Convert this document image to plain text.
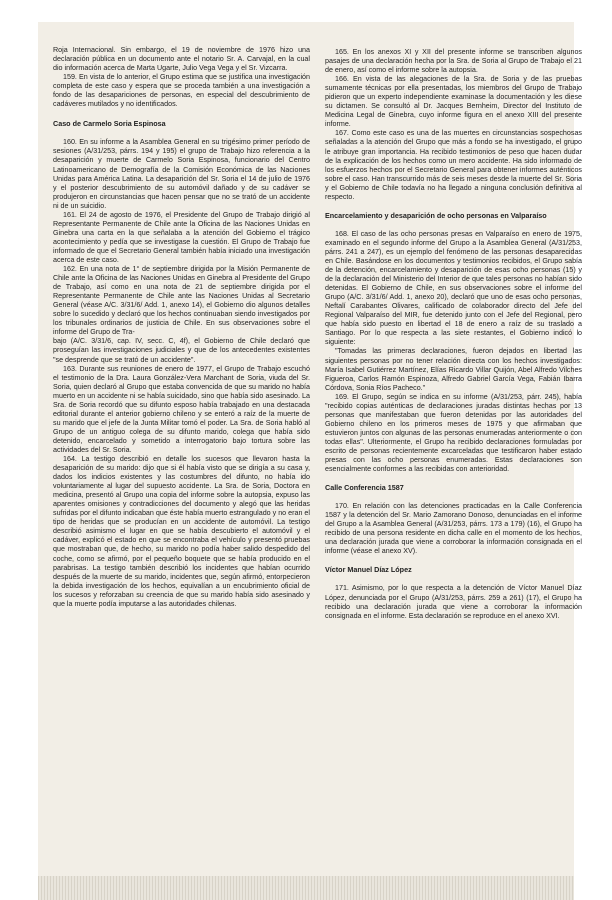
Roja Internacional. Sin embargo, el 19 de noviembre de 1976 hizo una declaración pública en un documento ante el notario Sr. A. Carvajal, en la cual dio información acerca de Marta Ugarte, Julio Vega Vega y el Sr. Vizcarra.

159. En vista de lo anterior, el Grupo estima que se justifica una investigación completa de este caso y espera que se proceda también a una investigación a fondo de las desapariciones de personas, en especial del descubrimiento de cadáveres mutilados y no identificados.

Caso de Carmelo Soria Espinosa

160. En su informe a la Asamblea General en su trigésimo primer período de sesiones (A/31/253, párrs. 194 y 195) el grupo de Trabajo hizo referencia a la desaparición y muerte de Carmelo Soria Espinosa, funcionario del Centro Latinoamericano de Demografía de la Comisión Económica de las Naciones Unidas para América Latina. La desaparición del Sr. Soria el 14 de julio de 1976 y el posterior descubrimiento de su automóvil dañado y de su cadáver se produjeron en circunstancias que hacen pensar que no se trató de un accidente ni de un suicidio.

161. El 24 de agosto de 1976, el Presidente del Grupo de Trabajo dirigió al Representante Permanente de Chile ante la Oficina de las Naciones Unidas en Ginebra una carta en la que señalaba a la atención del Gobierno el trágico acontecimiento y pedía que se investigase la cuestión. El Grupo de Trabajo fue informado de que el Secretario General también había iniciado una investigación acerca de este caso.

162. En una nota de 1° de septiembre dirigida por la Misión Permanente de Chile ante la Oficina de las Naciones Unidas en Ginebra al Presidente del Grupo de Trabajo, así como en una nota de 21 de septiembre dirigida por el Representante Permanente de Chile ante las Naciones Unidas al Secretario General (véase A/C. 3/31/6/ Add. 1, anexo 14), el Gobierno dio algunos detalles sobre lo sucedido y declaró que los hechos continuaban siendo investigados por los tribunales ordinarios de justicia de Chile. En sus observaciones sobre el informe del Grupo de Tra-

bajo (A/C. 3/31/6, cap. IV, secc. C, 4f), el Gobierno de Chile declaró que proseguían las investigaciones judiciales y que de los antecedentes existentes "se desprende que se trató de un accidente".

163. Durante sus reuniones de enero de 1977, el Grupo de Trabajo escuchó el testimonio de la Dra. Laura González-Vera Marchant de Soria, viuda del Sr. Soria, quien declaró al Grupo que estaba convencida de que su marido no había muerto en un accidente ni se había suicidado, sino que había sido asesinado. La Sra. de Soria recordó que su difunto esposo había trabajado en una destacada editorial durante el anterior gobierno chileno y se enteró a raíz de la muerte de su marido que el jefe de la Junta Militar tomó el poder. La Sra. de Soria habló al Grupo de un antiguo colega de su difunto marido, colega que había sido detenido, encarcelado y sometido a interrogatorio bajo tortura sobre las actividades del Sr. Soria.

164. La testigo describió en detalle los sucesos que llevaron hasta la desaparición de su marido: dijo que si él había visto que se dirigía a su casa y, dados los indicios existentes y las costumbres del difunto, no había ido voluntariamente al lugar del supuesto accidente. La Sra. de Soria, Doctora en medicina, presentó al Grupo una copia del informe sobre la autopsia, expuso las aparentes omisiones y contradicciones del documento y alegó que las heridas sufridas por el difunto indicaban que éste había muerto estrangulado y no eran el tipo de heridas que se producían en un accidente de automóvil. La testigo describió asimismo el lugar en que se había descubierto el automóvil y el cadáver, explicó el estado en que se encontraba el vehículo y presentó pruebas que mostraban que, de hecho, su marido no podía haber salido despedido del coche, como se afirmó, por el pequeño boquete que se había producido en el parabrisas. La testigo también describió los incidentes que habían ocurrido después de la muerte de su marido, incidentes que, según afirmó, entorpecieron la debida investigación de los hechos, equivalían a un encubrimiento oficial de los sucesos y reforzaban su creencia de que su marido había sido asesinado y que la muerte podía imputarse a las autoridades chilenas.

165. En los anexos XI y XII del presente informe se transcriben algunos pasajes de una declaración hecha por la Sra. de Soria al Grupo de Trabajo el 21 de enero, así como el informe sobre la autopsia.

166. En vista de las alegaciones de la Sra. de Soria y de las pruebas sumamente técnicas por ella presentadas, los miembros del Grupo de Trabajo pidieron que un experto independiente examinase la documentación y les diese su dictamen. Se consultó al Dr. Jacques Bernheim, Director del Instituto de Medicina Legal de Ginebra, cuyo informe figura en el anexo XIII del presente informe.

167. Como este caso es una de las muertes en circunstancias sospechosas señaladas a la atención del Grupo que más a fondo se ha investigado, el grupo le atribuye gran importancia. Ha recibido testimonios de peso que hacen dudar de la explicación de los hechos como un mero accidente. Ha sido informado de los esfuerzos hechos por el Secretario General para obtener informes auténticos sobre el caso. Han transcurrido más de seis meses desde la muerte del Sr. Soria y el Gobierno de Chile todavía no ha llegado a ninguna conclusión definitiva al respecto.

Encarcelamiento y desaparición de ocho personas en Valparaíso

168. El caso de las ocho personas presas en Valparaíso en enero de 1975, examinado en el segundo informe del Grupo a la Asamblea General (A/31/253, párrs. 241 a 247), es un ejemplo del fenómeno de las personas desaparecidas en Chile. Basándose en los documentos y testimonios recibidos, el Grupo sabía de la detención, encarcelamiento y desaparición de esas ocho personas (15) y de la declaración del Ministerio del Interior de que tales personas no habían sido detenidas. El Gobierno de Chile, en sus observaciones sobre el informe del Grupo (A/C. 3/31/6/ Add. 1, anexo 20), declaró que uno de esas ocho personas, Neftalí Carabantes Olivares, calificado de colaborador directo del Jefe del Regional Valparaíso del MIR, fue detenido junto con el Jefe del Regional, pero que había sido puesto en libertad el 18 de enero a raíz de su traslado a Santiago. Por lo que respecta a las siete restantes, el Gobierno indicó lo siguiente:

"Tomadas las primeras declaraciones, fueron dejados en libertad las siguientes personas por no tener relación directa con los hechos investigados: María Isabel Gutiérrez Martínez, Elías Ricardo Villar Quijón, Abel Alfredo Vilches Figueroa, Carlos Ramón Espinoza, Alfredo Gabriel García Vega, Fabián Ibarra Córdova, Sonia Ríos Pacheco."

169. El Grupo, según se indica en su informe (A/31/253, párr. 245), había "recibido copias auténticas de declaraciones juradas distintas hechas por 13 personas que manifestaban que fueron detenidas por las autoridades del Gobierno chileno en los primeros meses de 1975 y que afirmaban que estuvieron juntos con algunas de las personas enumeradas anteriormente o con todas ellas". Ulteriormente, el Grupo ha recibido declaraciones formuladas por escrito de personas recientemente excarceladas que testificaron haber estado presas con las ocho personas enumeradas. Estas declaraciones son esencialmente conformes a las recibidas con anterioridad.

Calle Conferencia 1587

170. En relación con las detenciones practicadas en la Calle Conferencia 1587 y la detención del Sr. Mario Zamorano Donoso, denunciadas en el informe del Grupo a la Asamblea General (A/31/253, párrs. 173 a 179) (16), el Grupo ha recibido de una persona residente en dicha calle en el momento de los hechos, una declaración jurada que viene a corroborar la información consignada en el informe (véase el anexo XV).

Víctor Manuel Díaz López

171. Asimismo, por lo que respecta a la detención de Víctor Manuel Díaz López, denunciada por el Grupo (A/31/253, párrs. 259 a 261) (17), el Grupo ha recibido una declaración jurada que viene a corroborar la información consignada en el informe. Esta declaración se reproduce en el anexo XVI.
